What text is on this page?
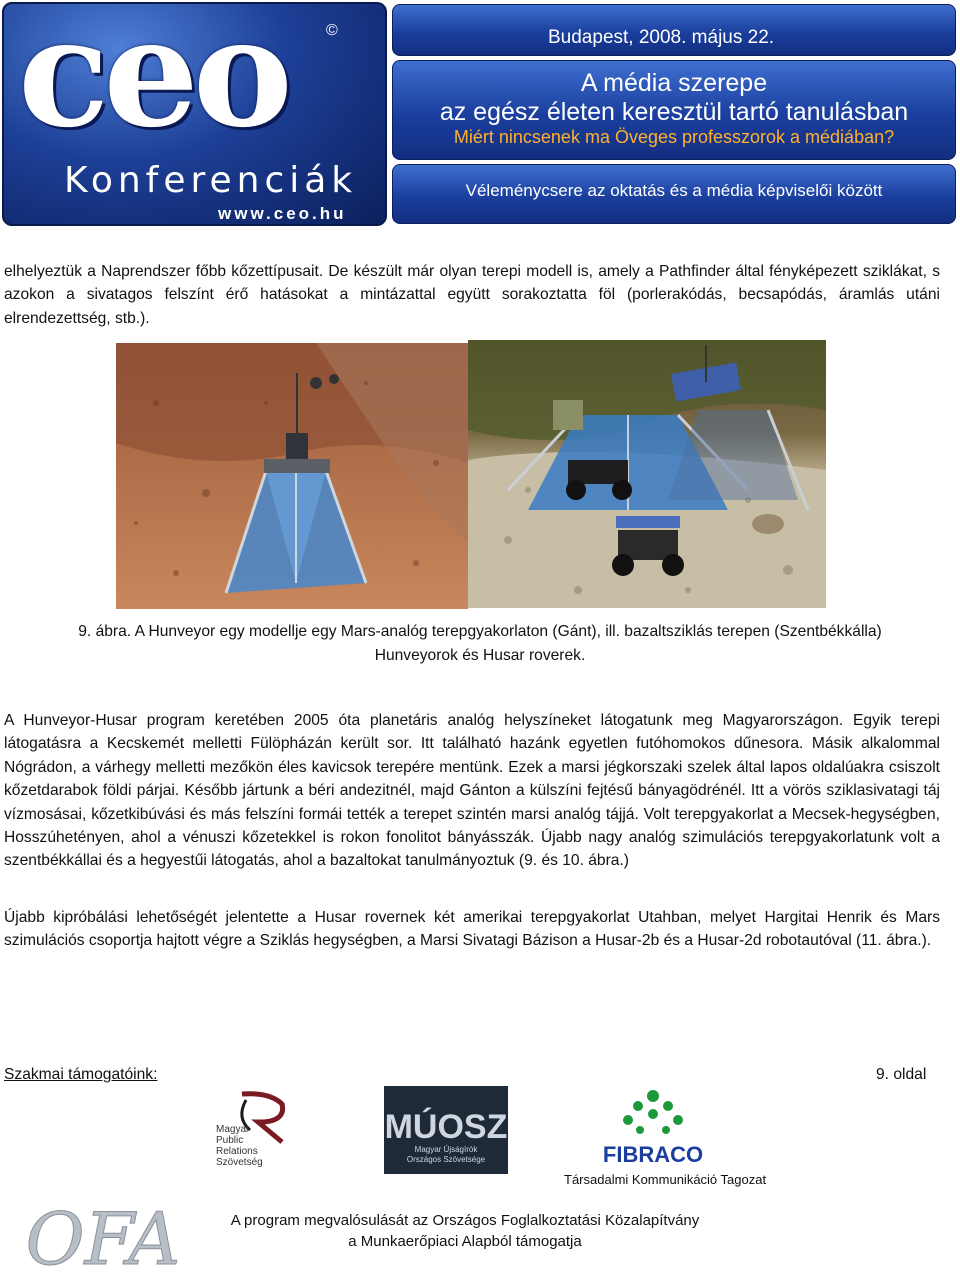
ceo ©
Konferenciák
www.ceo.hu
Budapest, 2008. május 22.
A média szerepe
az egész életen keresztül tartó tanulásban
Miért nincsenek ma Öveges professzorok a médiában?
Véleménycsere az oktatás és a média képviselői között

elhelyeztük a Naprendszer főbb kőzettípusait. De készült már olyan terepi modell is, amely a Pathfinder által fényképezett sziklákat, s azokon a sivatagos felszínt érő hatásokat a mintázattal együtt sorakoztatta föl (porlerakódás, becsapódás, áramlás utáni elrendezettség, stb.).

9. ábra. A Hunveyor egy modellje egy Mars-analóg terepgyakorlaton (Gánt), ill. bazaltsziklás terepen (Szentbékkálla)
Hunveyorok és Husar roverek.

A Hunveyor-Husar program keretében 2005 óta planetáris analóg helyszíneket látogatunk meg Magyarországon. Egyik terepi látogatásra a Kecskemét melletti Fülöpházán került sor. Itt található hazánk egyetlen futóhomokos dűnesora. Másik alkalommal Nógrádon, a várhegy melletti mezőkön éles kavicsok terepére mentünk. Ezek a marsi jégkorszaki szelek által lapos oldalúakra csiszolt kőzetdarabok földi párjai. Később jártunk a béri andezitnél, majd Gánton a külszíni fejtésű bányagödrénél. Itt a vörös sziklasivatagi táj vízmosásai, kőzetkibúvási és más felszíni formái tették a terepet szintén marsi analóg tájjá. Volt terepgyakorlat a Mecsek-hegységben, Hosszúhetényen, ahol a vénuszi kőzetekkel is rokon fonolitot bányásszák. Újabb nagy analóg szimulációs terepgyakorlatunk volt a szentbékkállai és a hegyestűi látogatás, ahol a bazaltokat tanulmányoztuk (9. és 10. ábra.)

Újabb kipróbálási lehetőségét jelentette a Husar rovernek két amerikai terepgyakorlat Utahban, melyet Hargitai Henrik és Mars szimulációs csoportja hajtott végre a Sziklás hegységben, a Marsi Sivatagi Bázison a Husar-2b és a Husar-2d robotautóval (11. ábra.).

Szakmai támogatóink:	9. oldal
Magyar
Public
Relations
Szövetség
MÚOSZ
Magyar Újságírók
Országos Szövetsége	FIBRACO
Társadalmi Kommunikáció Tagozat
OFA	A program megvalósulását az Országos Foglalkoztatási Közalapítvány
a Munkaerőpiaci Alapból támogatja
